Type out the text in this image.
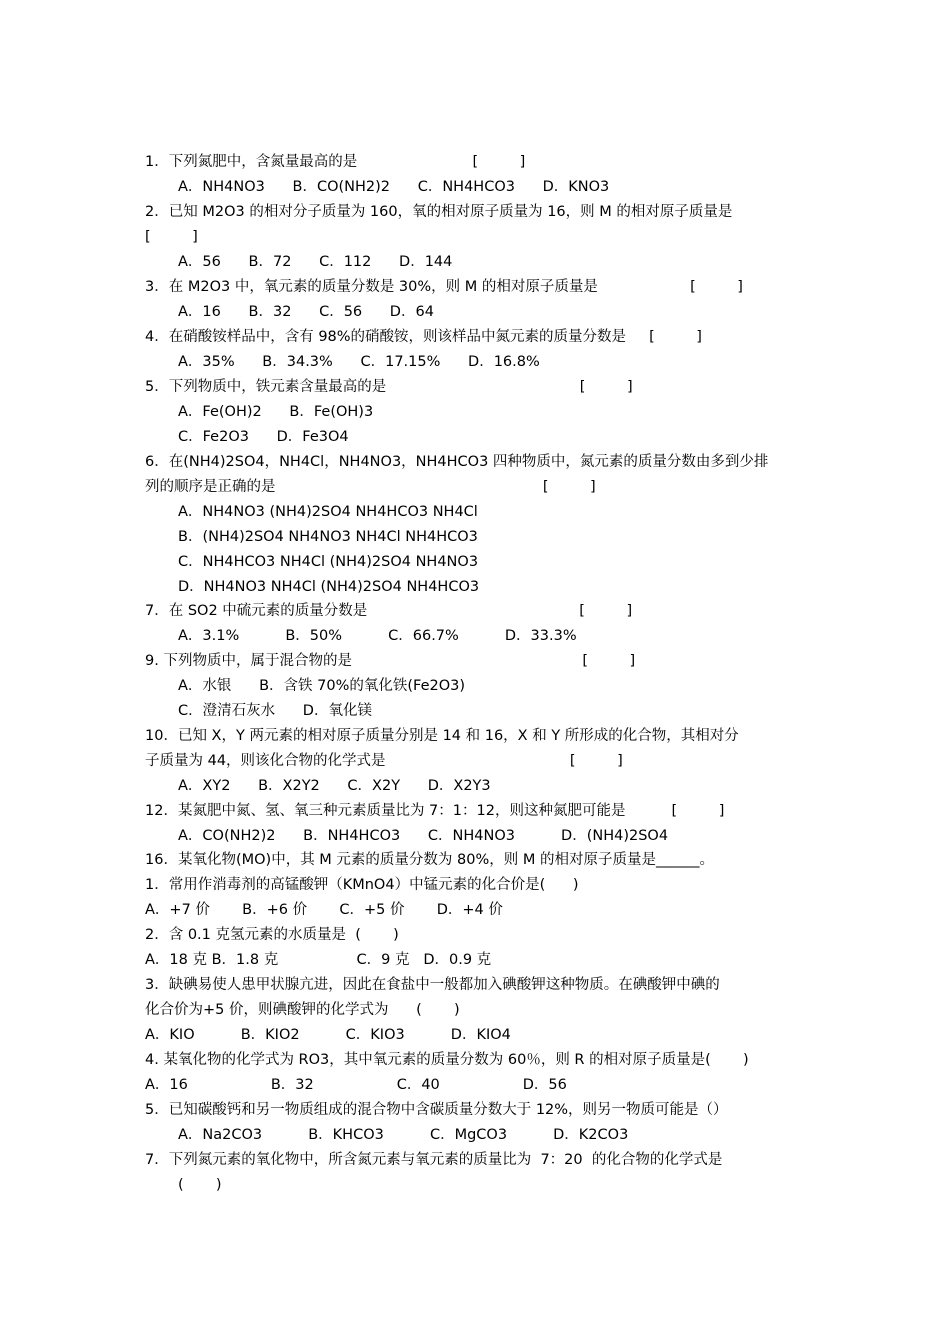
1．下列氮肥中，含氮量最高的是                         [         ]
A．NH4NO3      B．CO(NH2)2      C．NH4HCO3      D．KNO3
2．已知 M2O3 的相对分子质量为 160，氧的相对原子质量为 16，则 M 的相对原子质量是
[         ]
A．56      B．72      C．112      D．144
3．在 M2O3 中，氧元素的质量分数是 30%，则 M 的相对原子质量是                    [         ]
A．16      B．32      C．56      D．64
4．在硝酸铵样品中，含有 98%的硝酸铵，则该样品中氮元素的质量分数是     [         ]
A．35%      B．34.3%      C．17.15%      D．16.8%
5．下列物质中，铁元素含量最高的是                                          [         ]
A．Fe(OH)2      B．Fe(OH)3
C．Fe2O3      D．Fe3O4
6．在(NH4)2SO4，NH4Cl，NH4NO3，NH4HCO3 四种物质中，氮元素的质量分数由多到少排
列的顺序是正确的是                                                          [         ]
A．NH4NO3 (NH4)2SO4 NH4HCO3 NH4Cl
B．(NH4)2SO4 NH4NO3 NH4Cl NH4HCO3
C．NH4HCO3 NH4Cl (NH4)2SO4 NH4NO3
D．NH4NO3 NH4Cl (NH4)2SO4 NH4HCO3
7．在 SO2 中硫元素的质量分数是                                              [         ]
A．3.1%          B．50%          C．66.7%          D．33.3%
9. 下列物质中，属于混合物的是                                                  [         ]
A．水银      B．含铁 70%的氧化铁(Fe2O3)
C．澄清石灰水      D．氧化镁
10．已知 X，Y 两元素的相对原子质量分别是 14 和 16，X 和 Y 所形成的化合物，其相对分
子质量为 44，则该化合物的化学式是                                        [         ]
A．XY2      B．X2Y2      C．X2Y      D．X2Y3
12．某氮肥中氮、氢、氧三种元素质量比为 7：1：12，则这种氮肥可能是          [         ]
A．CO(NH2)2      B．NH4HCO3      C．NH4NO3          D．(NH4)2SO4
16．某氧化物(MO)中，其 M 元素的质量分数为 80%，则 M 的相对原子质量是______。
1．常用作消毒剂的高锰酸钾（KMnO4）中锰元素的化合价是(      )
A．+7 价       B．+6 价       C．+5 价       D．+4 价
2．含 0.1 克氢元素的水质量是  (       )
A．18 克 B．1.8 克                 C．9 克   D．0.9 克
3．缺碘易使人患甲状腺亢进，因此在食盐中一般都加入碘酸钾这种物质。在碘酸钾中碘的
化合价为+5 价，则碘酸钾的化学式为      (       )
A．KIO          B．KIO2          C．KIO3          D．KIO4
4. 某氧化物的化学式为 RO3，其中氧元素的质量分数为 60％，则 R 的相对原子质量是(       )
A．16                  B．32                  C．40                  D．56
5．已知碳酸钙和另一物质组成的混合物中含碳质量分数大于 12%，则另一物质可能是（）
A．Na2CO3          B．KHCO3          C．MgCO3          D．K2CO3
7．下列氮元素的氧化物中，所含氮元素与氧元素的质量比为  7：20  的化合物的化学式是
(       )
